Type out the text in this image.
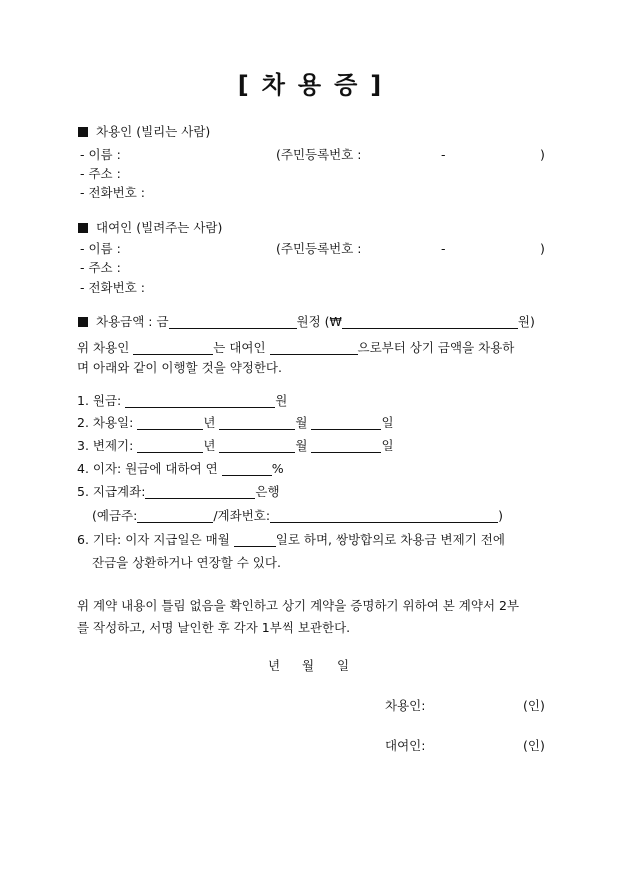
[ 차 용 증 ]
차용인 (빌리는 사람)
- 이름 :	(주민등록번호 :	-	)
- 주소 :
- 전화번호 :
대여인 (빌려주는 사람)
- 이름 :	(주민등록번호 :	-	)
- 주소 :
- 전화번호 :
차용금액 : 금	원정 (₩	원)
위 차용인	는 대여인	으로부터 상기 금액을 차용하
며 아래와 같이 이행할 것을 약정한다.
1. 원금:	원
2. 차용일:	년	월	일
3. 변제기:	년	월	일
4. 이자: 원금에 대하여 연	%
5. 지급계좌:	은행
(예금주:	/계좌번호:	)
6. 기타: 이자 지급일은 매월	일로 하며, 쌍방합의로 차용금 변제기 전에
잔금을 상환하거나 연장할 수 있다.
위 계약 내용이 틀림 없음을 확인하고 상기 계약을 증명하기 위하여 본 계약서 2부
를 작성하고, 서명 날인한 후 각자 1부씩 보관한다.
년 월 일
차용인:	(인)
대여인:	(인)
